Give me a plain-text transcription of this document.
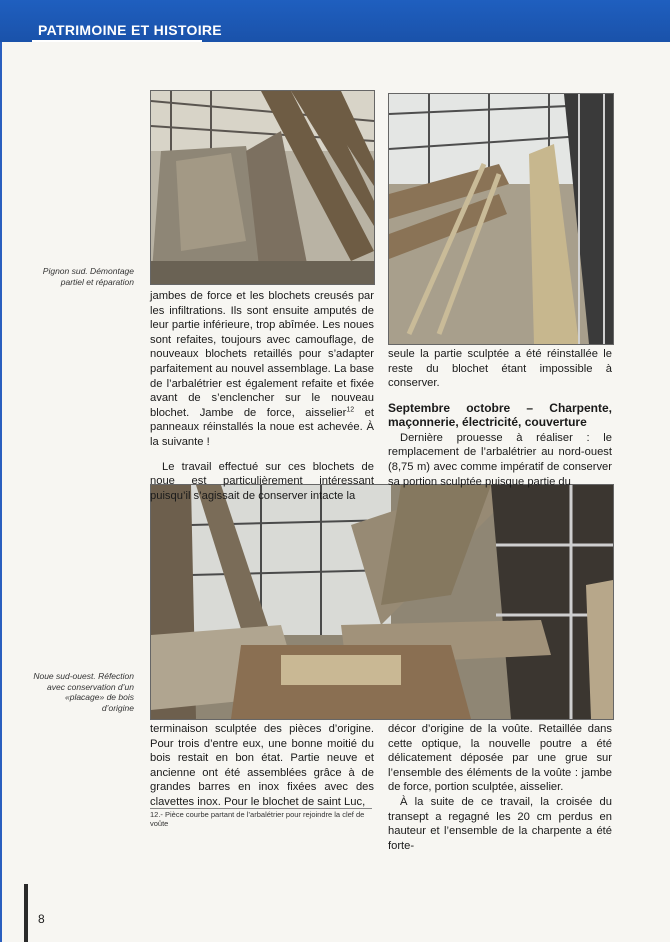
PATRIMOINE ET HISTOIRE
Pignon sud. Démontage partiel et réparation
Noue sud-ouest. Réfection avec conservation d’un «placage» de bois d’origine

jambes de force et les blochets creusés par les infiltrations. Ils sont ensuite amputés de leur partie inférieure, trop abîmée. Les noues sont refaites, toujours avec camouflage, de nouveaux blochets retaillés pour s’adapter parfaitement au nouvel assemblage. La base de l’arbalétrier est également refaite et fixée avant de s’enclencher sur le nouveau blochet. Jambe de force, aisselier$^{12}$ et panneaux réinstallés la noue est achevée. À la suivante !

Le travail effectué sur ces blochets de noue est particulièrement intéressant puisqu’il s’agissait de conserver intacte la

seule la partie sculptée a été réinstallée le reste du blochet étant impossible à conserver.

Septembre octobre – Charpente, maçonnerie, électricité, couverture

Dernière prouesse à réaliser : le remplacement de l’arbalétrier au nord-ouest (8,75 m) avec comme impératif de conserver sa portion sculptée puisque partie du

terminaison sculptée des pièces d’origine. Pour trois d’entre eux, une bonne moitié du bois restait en bon état. Partie neuve et ancienne ont été assemblées grâce à de grandes barres en inox fixées avec des clavettes inox. Pour le blochet de saint Luc,

12.- Pièce courbe partant de l’arbalétrier pour rejoindre la clef de voûte

décor d’origine de la voûte. Retaillée dans cette optique, la nouvelle poutre a été délicatement déposée par une grue sur l’ensemble des éléments de la voûte : jambe de force, portion sculptée, aisselier.

À la suite de ce travail, la croisée du transept a regagné les 20 cm perdus en hauteur et l’ensemble de la charpente a été forte-

8
